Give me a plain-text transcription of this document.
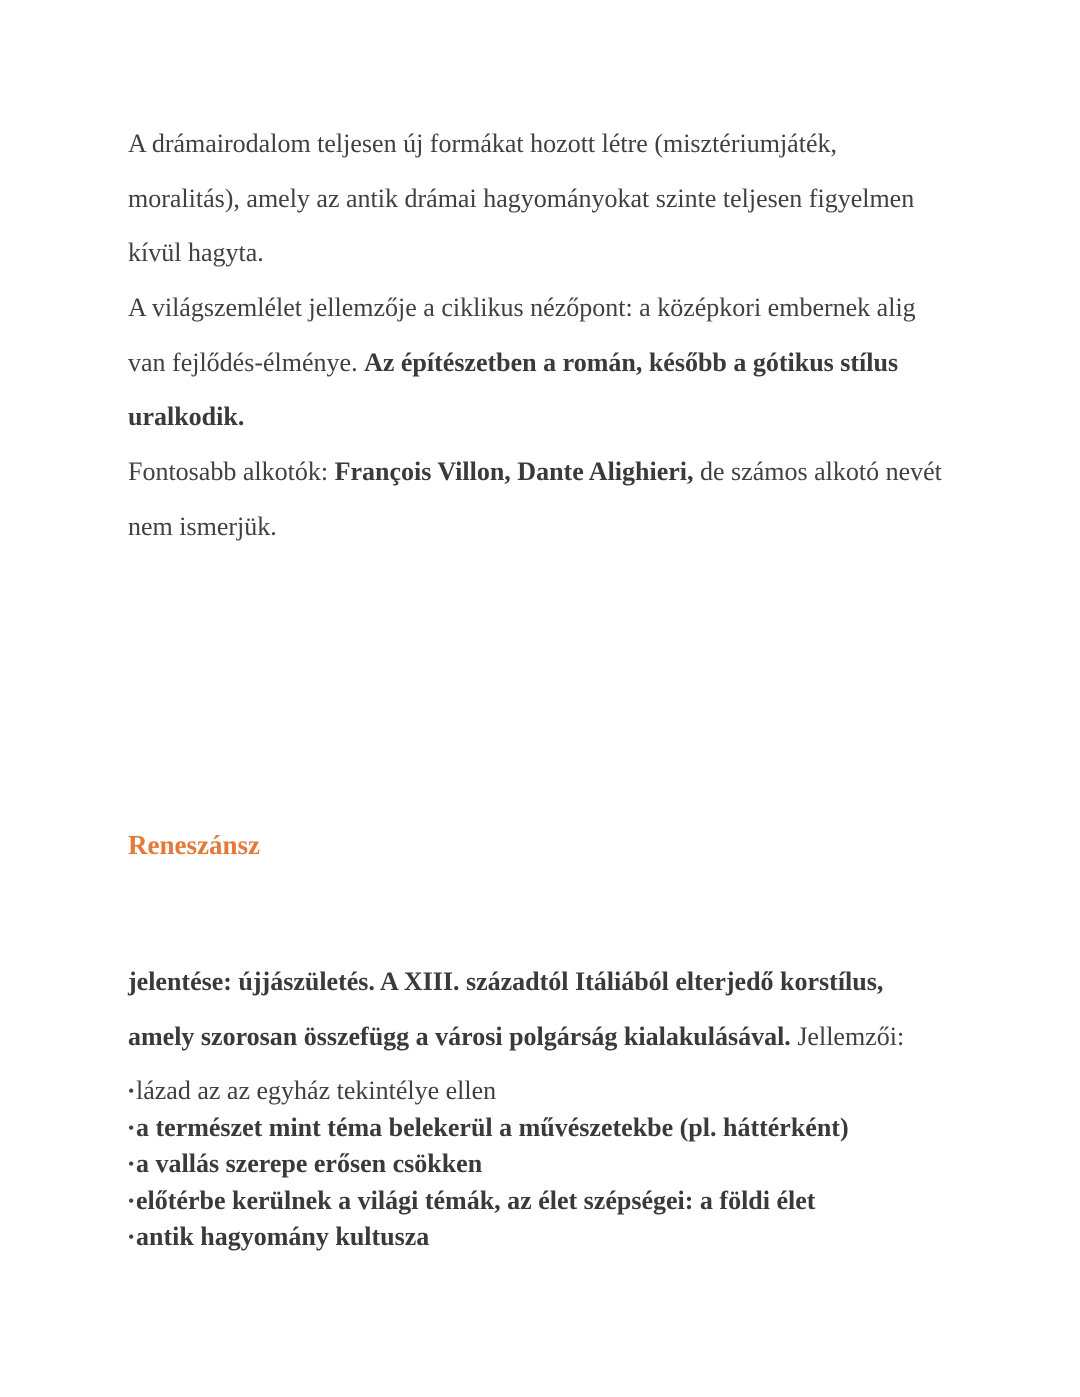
A drámairodalom teljesen új formákat hozott létre (misztériumjáték, moralitás), amely az antik drámai hagyományokat szinte teljesen figyelmen kívül hagyta.

A világszemlélet jellemzője a ciklikus nézőpont: a középkori embernek alig van fejlődés-élménye. Az építészetben a román, később a gótikus stílus uralkodik.

Fontosabb alkotók: François Villon, Dante Alighieri, de számos alkotó nevét nem ismerjük.

Reneszánsz

jelentése: újjászületés. A XIII. századtól Itáliából elterjedő korstílus, amely szorosan összefügg a városi polgárság kialakulásával. Jellemzői:

•lázad az az egyház tekintélye ellen
•a természet mint téma belekerül a művészetekbe (pl. háttérként)
•a vallás szerepe erősen csökken
•előtérbe kerülnek a világi témák, az élet szépségei: a földi élet
•antik hagyomány kultusza
